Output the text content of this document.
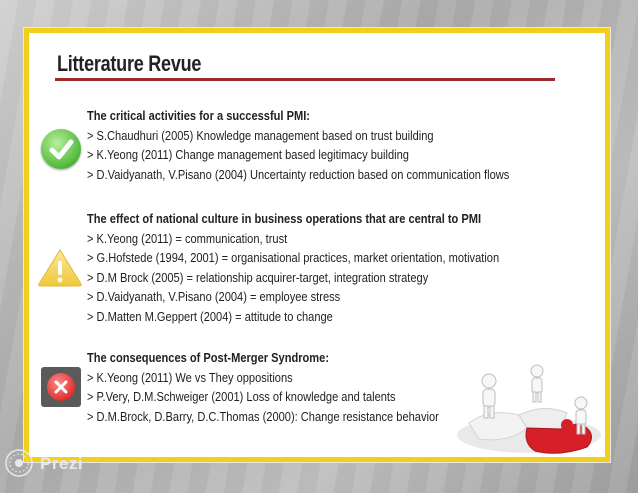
Litterature Revue
The critical activities for a successful PMI:
> S.Chaudhuri (2005) Knowledge management based on trust building
> K.Yeong (2011) Change management based legitimacy building
> D.Vaidyanath, V.Pisano (2004) Uncertainty reduction based on communication flows
The effect of national culture in business operations that are central to PMI
> K.Yeong (2011) = communication, trust
> G.Hofstede (1994, 2001) = organisational practices, market orientation, motivation
> D.M Brock (2005) = relationship acquirer-target, integration strategy
> D.Vaidyanath, V.Pisano (2004) = employee stress
> D.Matten M.Geppert (2004) = attitude to change
The consequences of Post-Merger Syndrome:
> K.Yeong (2011) We vs They oppositions
> P.Very, D.M.Schweiger (2001) Loss of knowledge and talents
> D.M.Brock, D.Barry, D.C.Thomas (2000): Change resistance behavior
Prezi
